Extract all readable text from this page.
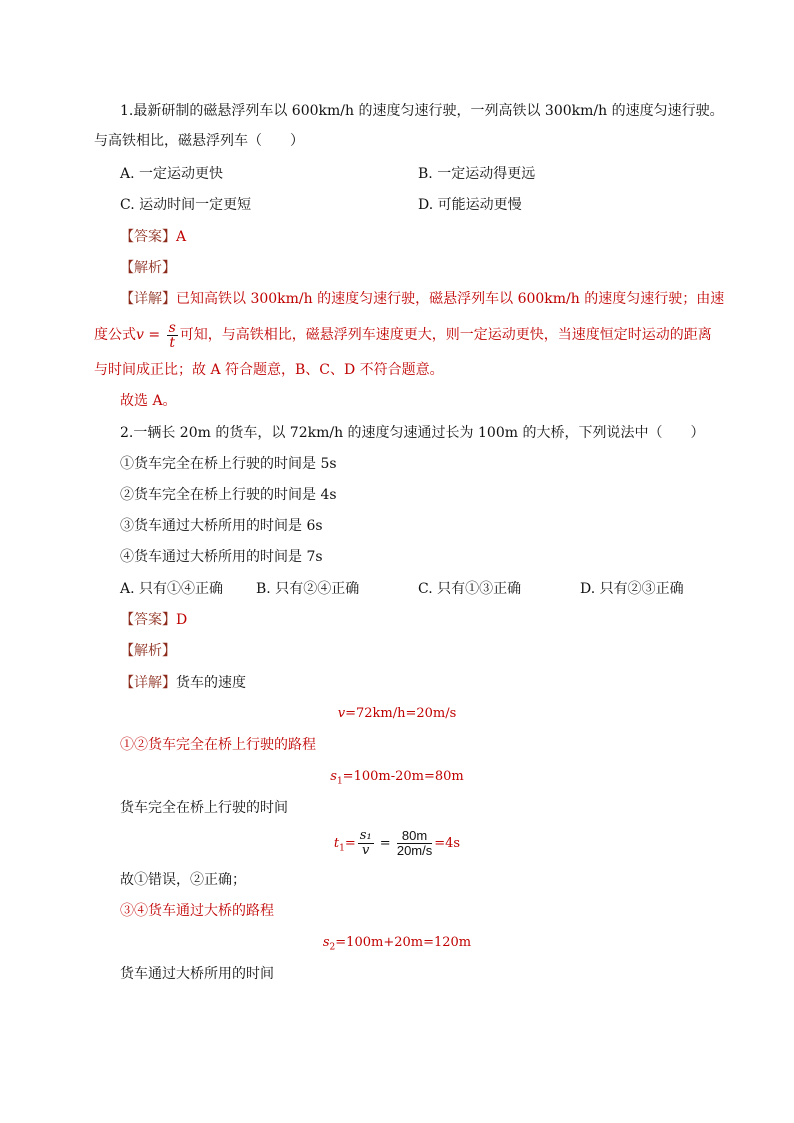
1.最新研制的磁悬浮列车以 600km/h 的速度匀速行驶，一列高铁以 300km/h 的速度匀速行驶。
与高铁相比，磁悬浮列车（　　）
A. 一定运动更快	B. 一定运动得更远
C. 运动时间一定更短	D. 可能运动更慢
【答案】A
【解析】
【详解】已知高铁以 300km/h 的速度匀速行驶，磁悬浮列车以 600km/h 的速度匀速行驶；由速
度公式$v = \frac{s}{t}$ 可知，与高铁相比，磁悬浮列车速度更大，则一定运动更快，当速度恒定时运动的距离
与时间成正比；故 A 符合题意，B、C、D 不符合题意。
故选 A。
2.一辆长 20m 的货车，以 72km/h 的速度匀速通过长为 100m 的大桥，下列说法中（　　）
①货车完全在桥上行驶的时间是 5s
②货车完全在桥上行驶的时间是 4s
③货车通过大桥所用的时间是 6s
④货车通过大桥所用的时间是 7s
A. 只有①④正确 B. 只有②④正确	C. 只有①③正确	D. 只有②③正确
【答案】D
【解析】
【详解】货车的速度
v=72km/h=20m/s
①②货车完全在桥上行驶的路程
$s_1=100m-20m=80m$
货车完全在桥上行驶的时间
$t_1= \frac{\text{s₁}}{v} = \frac{80m}{20m/s} =4s$
故①错误，②正确；
③④货车通过大桥的路程
$s_2=100m+20m=120m$
货车通过大桥所用的时间
